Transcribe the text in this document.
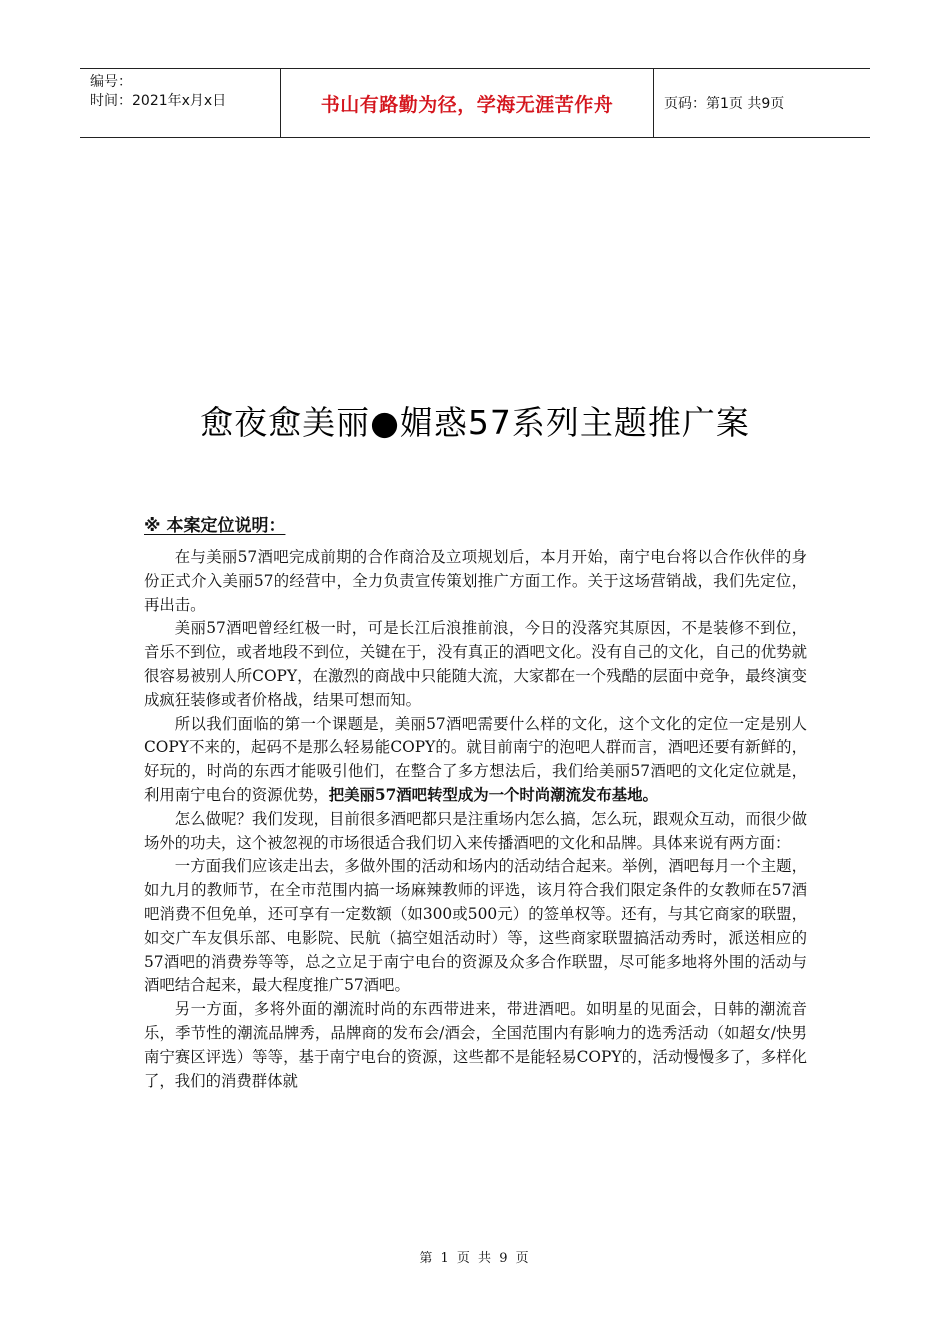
编号：
时间：2021年x月x日	书山有路勤为径，学海无涯苦作舟	页码：第1页 共9页
愈夜愈美丽●媚惑57系列主题推广案
※ 本案定位说明：

在与美丽57酒吧完成前期的合作商洽及立项规划后，本月开始，南宁电台将以合作伙伴的身份正式介入美丽57的经营中，全力负责宣传策划推广方面工作。关于这场营销战，我们先定位，再出击。

美丽57酒吧曾经红极一时，可是长江后浪推前浪，今日的没落究其原因，不是装修不到位，音乐不到位，或者地段不到位，关键在于，没有真正的酒吧文化。没有自己的文化，自己的优势就很容易被别人所COPY，在激烈的商战中只能随大流，大家都在一个残酷的层面中竞争，最终演变成疯狂装修或者价格战，结果可想而知。

所以我们面临的第一个课题是，美丽57酒吧需要什么样的文化，这个文化的定位一定是别人COPY不来的，起码不是那么轻易能COPY的。就目前南宁的泡吧人群而言，酒吧还要有新鲜的，好玩的，时尚的东西才能吸引他们，在整合了多方想法后，我们给美丽57酒吧的文化定位就是，利用南宁电台的资源优势，把美丽57酒吧转型成为一个时尚潮流发布基地。

怎么做呢？我们发现，目前很多酒吧都只是注重场内怎么搞，怎么玩，跟观众互动，而很少做场外的功夫，这个被忽视的市场很适合我们切入来传播酒吧的文化和品牌。具体来说有两方面：

一方面我们应该走出去，多做外围的活动和场内的活动结合起来。举例，酒吧每月一个主题，如九月的教师节，在全市范围内搞一场麻辣教师的评选，该月符合我们限定条件的女教师在57酒吧消费不但免单，还可享有一定数额（如300或500元）的签单权等。还有，与其它商家的联盟，如交广车友俱乐部、电影院、民航（搞空姐活动时）等，这些商家联盟搞活动秀时，派送相应的57酒吧的消费券等等，总之立足于南宁电台的资源及众多合作联盟，尽可能多地将外围的活动与酒吧结合起来，最大程度推广57酒吧。

另一方面，多将外面的潮流时尚的东西带进来，带进酒吧。如明星的见面会，日韩的潮流音乐，季节性的潮流品牌秀，品牌商的发布会/酒会，全国范围内有影响力的选秀活动（如超女/快男南宁赛区评选）等等，基于南宁电台的资源，这些都不是能轻易COPY的，活动慢慢多了，多样化了，我们的消费群体就

第 1 页 共 9 页
